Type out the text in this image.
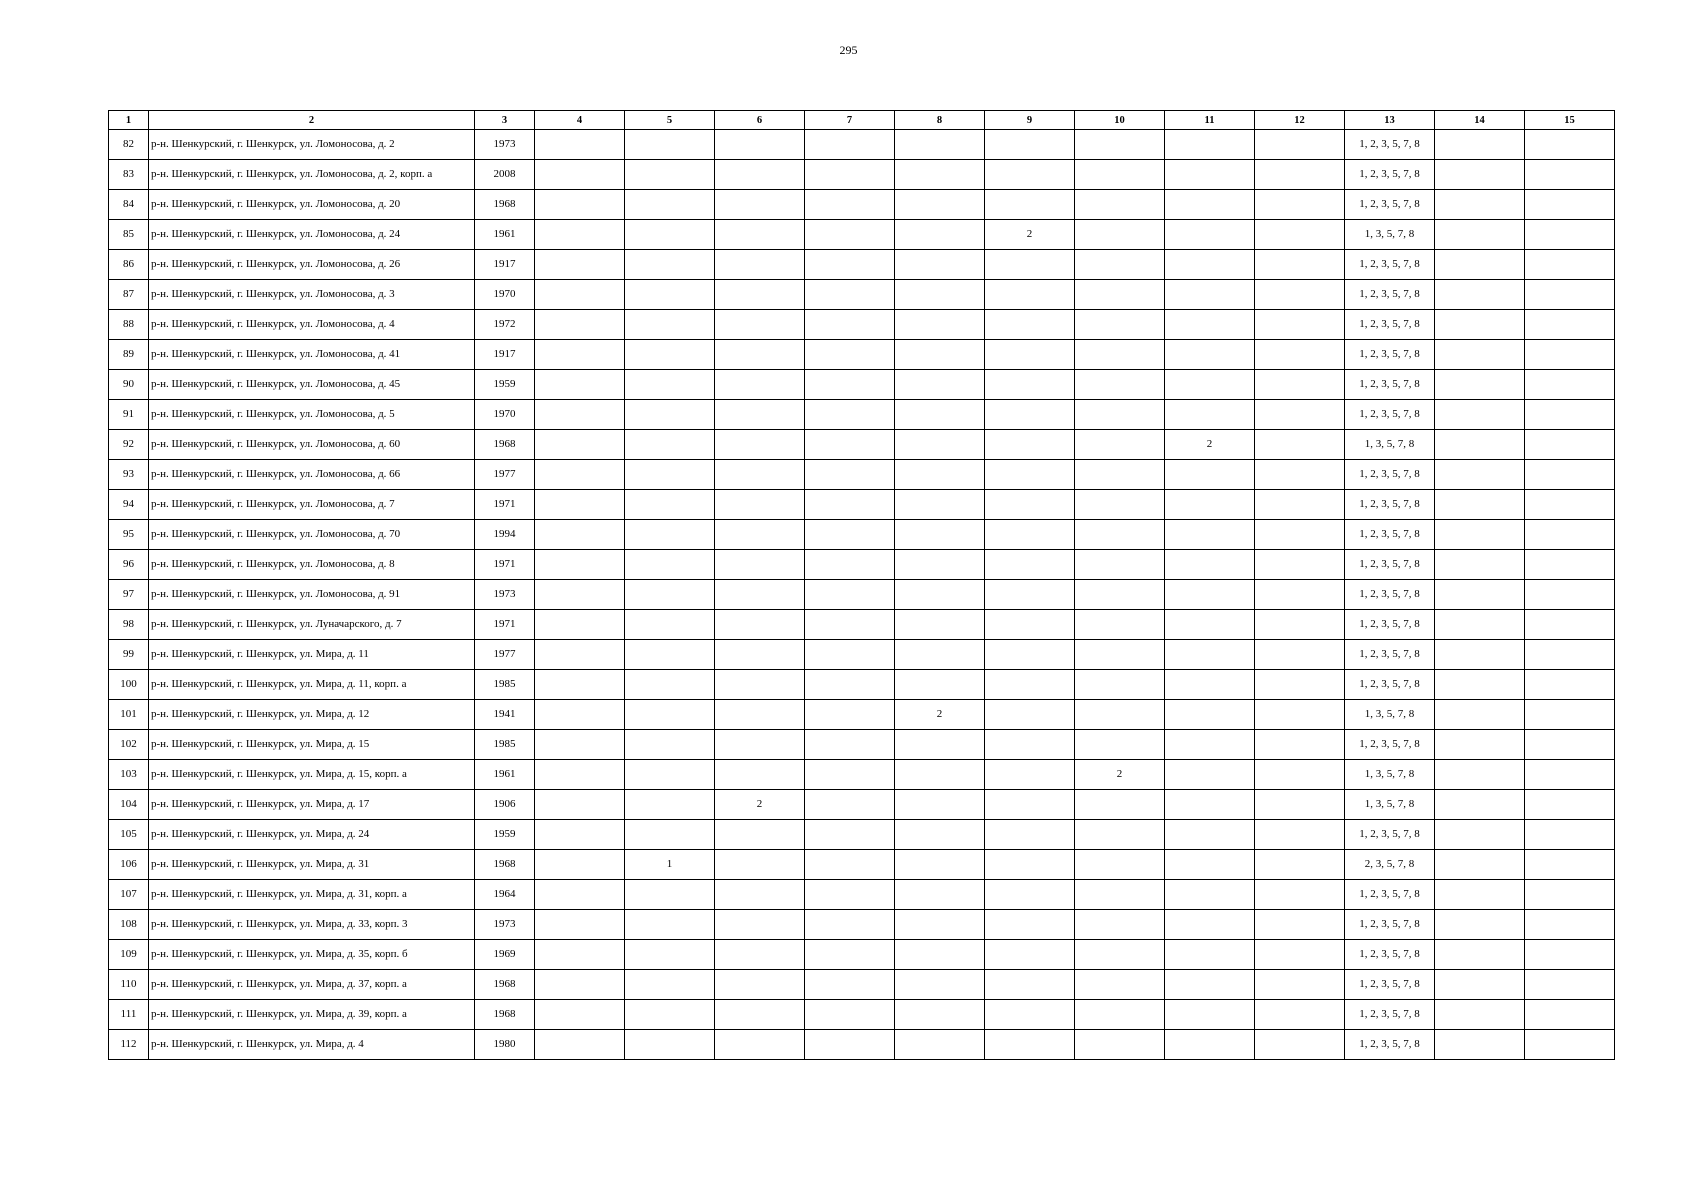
295
1	2	3	4	5	6	7	8	9	10	11	12	13	14	15
82	р-н. Шенкурский, г. Шенкурск, ул. Ломоносова, д. 2	1973										1, 2, 3, 5, 7, 8		
83	р-н. Шенкурский, г. Шенкурск, ул. Ломоносова, д. 2, корп. а	2008										1, 2, 3, 5, 7, 8		
84	р-н. Шенкурский, г. Шенкурск, ул. Ломоносова, д. 20	1968										1, 2, 3, 5, 7, 8		
85	р-н. Шенкурский, г. Шенкурск, ул. Ломоносова, д. 24	1961						2				1, 3, 5, 7, 8		
86	р-н. Шенкурский, г. Шенкурск, ул. Ломоносова, д. 26	1917										1, 2, 3, 5, 7, 8		
87	р-н. Шенкурский, г. Шенкурск, ул. Ломоносова, д. 3	1970										1, 2, 3, 5, 7, 8		
88	р-н. Шенкурский, г. Шенкурск, ул. Ломоносова, д. 4	1972										1, 2, 3, 5, 7, 8		
89	р-н. Шенкурский, г. Шенкурск, ул. Ломоносова, д. 41	1917										1, 2, 3, 5, 7, 8		
90	р-н. Шенкурский, г. Шенкурск, ул. Ломоносова, д. 45	1959										1, 2, 3, 5, 7, 8		
91	р-н. Шенкурский, г. Шенкурск, ул. Ломоносова, д. 5	1970										1, 2, 3, 5, 7, 8		
92	р-н. Шенкурский, г. Шенкурск, ул. Ломоносова, д. 60	1968								2		1, 3, 5, 7, 8		
93	р-н. Шенкурский, г. Шенкурск, ул. Ломоносова, д. 66	1977										1, 2, 3, 5, 7, 8		
94	р-н. Шенкурский, г. Шенкурск, ул. Ломоносова, д. 7	1971										1, 2, 3, 5, 7, 8		
95	р-н. Шенкурский, г. Шенкурск, ул. Ломоносова, д. 70	1994										1, 2, 3, 5, 7, 8		
96	р-н. Шенкурский, г. Шенкурск, ул. Ломоносова, д. 8	1971										1, 2, 3, 5, 7, 8		
97	р-н. Шенкурский, г. Шенкурск, ул. Ломоносова, д. 91	1973										1, 2, 3, 5, 7, 8		
98	р-н. Шенкурский, г. Шенкурск, ул. Луначарского, д. 7	1971										1, 2, 3, 5, 7, 8		
99	р-н. Шенкурский, г. Шенкурск, ул. Мира, д. 11	1977										1, 2, 3, 5, 7, 8		
100	р-н. Шенкурский, г. Шенкурск, ул. Мира, д. 11, корп. а	1985										1, 2, 3, 5, 7, 8		
101	р-н. Шенкурский, г. Шенкурск, ул. Мира, д. 12	1941					2					1, 3, 5, 7, 8		
102	р-н. Шенкурский, г. Шенкурск, ул. Мира, д. 15	1985										1, 2, 3, 5, 7, 8		
103	р-н. Шенкурский, г. Шенкурск, ул. Мира, д. 15, корп. а	1961							2			1, 3, 5, 7, 8		
104	р-н. Шенкурский, г. Шенкурск, ул. Мира, д. 17	1906			2							1, 3, 5, 7, 8		
105	р-н. Шенкурский, г. Шенкурск, ул. Мира, д. 24	1959										1, 2, 3, 5, 7, 8		
106	р-н. Шенкурский, г. Шенкурск, ул. Мира, д. 31	1968		1								2, 3, 5, 7, 8		
107	р-н. Шенкурский, г. Шенкурск, ул. Мира, д. 31, корп. а	1964										1, 2, 3, 5, 7, 8		
108	р-н. Шенкурский, г. Шенкурск, ул. Мира, д. 33, корп. 3	1973										1, 2, 3, 5, 7, 8		
109	р-н. Шенкурский, г. Шенкурск, ул. Мира, д. 35, корп. б	1969										1, 2, 3, 5, 7, 8		
110	р-н. Шенкурский, г. Шенкурск, ул. Мира, д. 37, корп. а	1968										1, 2, 3, 5, 7, 8		
111	р-н. Шенкурский, г. Шенкурск, ул. Мира, д. 39, корп. а	1968										1, 2, 3, 5, 7, 8		
112	р-н. Шенкурский, г. Шенкурск, ул. Мира, д. 4	1980										1, 2, 3, 5, 7, 8		
